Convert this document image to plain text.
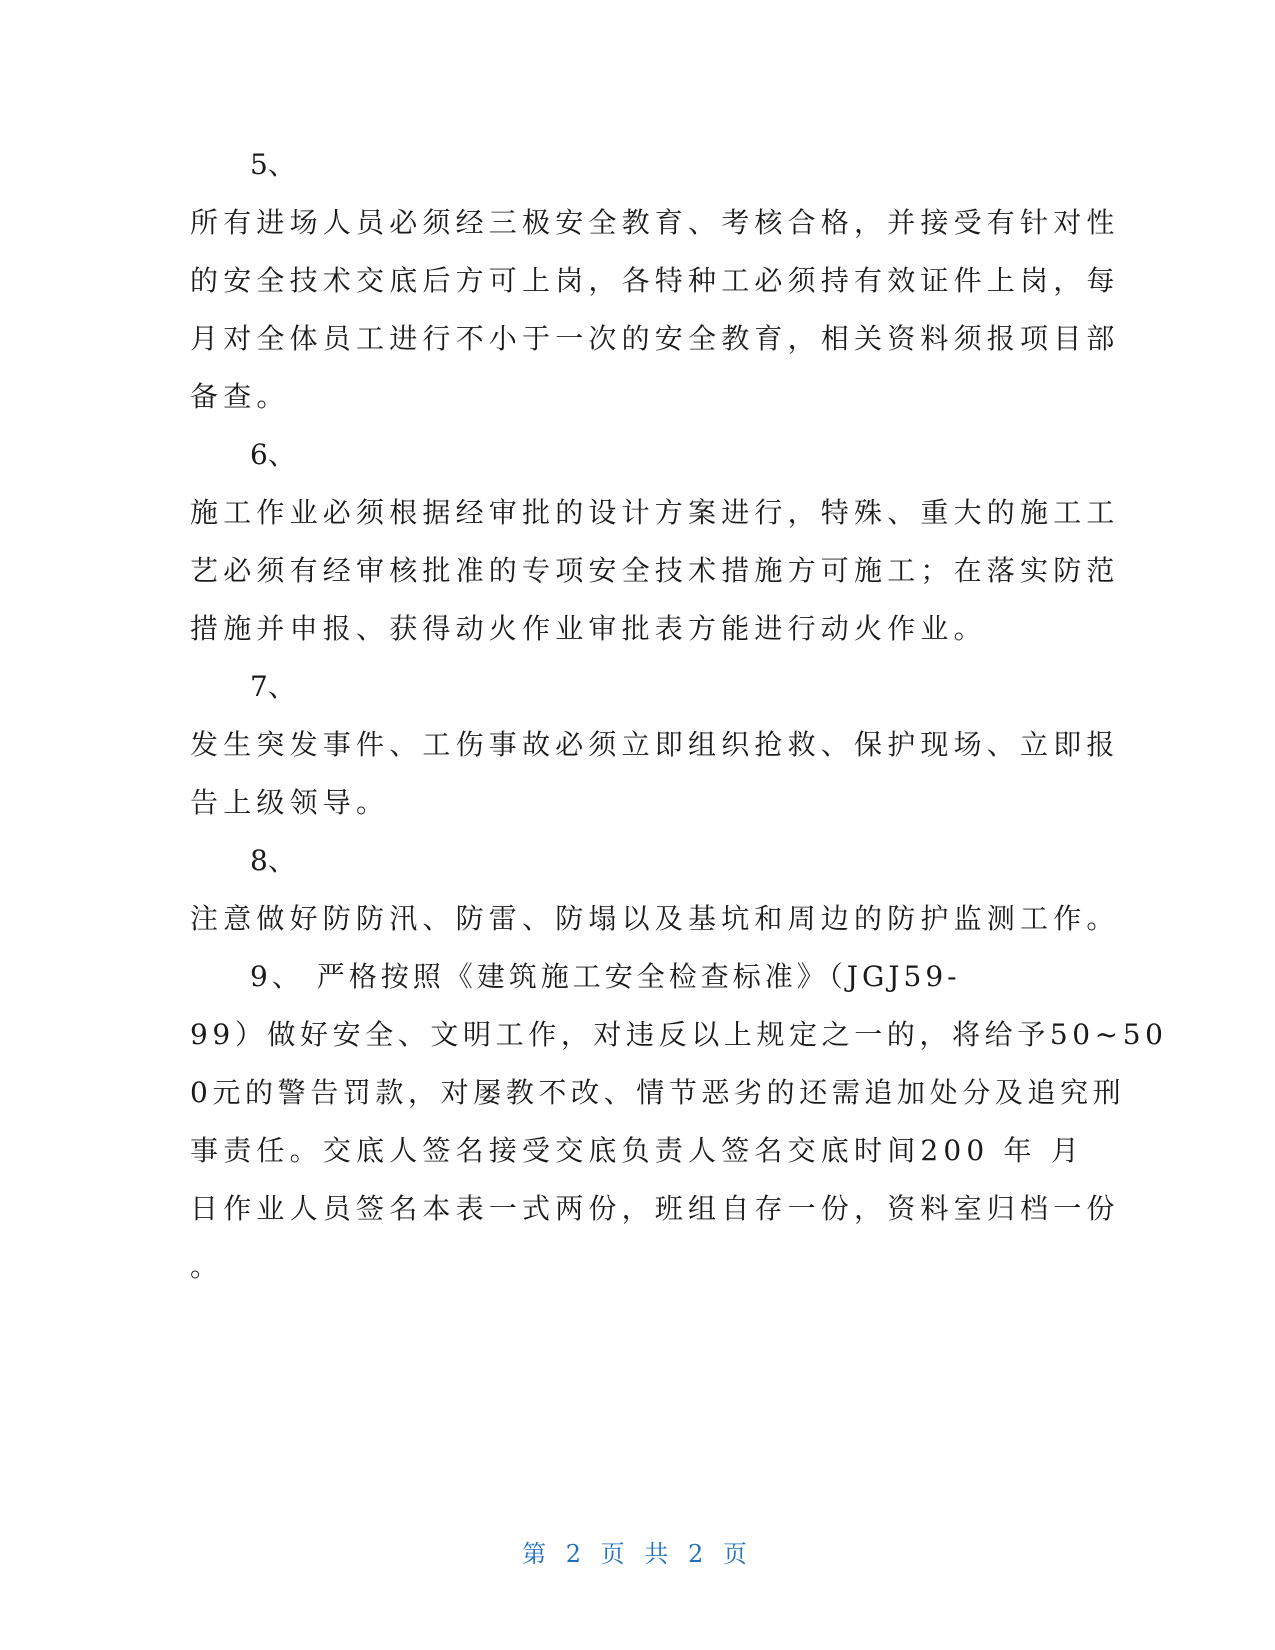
5、
所有进场人员必须经三极安全教育、考核合格，并接受有针对性
的安全技术交底后方可上岗，各特种工必须持有效证件上岗，每
月对全体员工进行不小于一次的安全教育，相关资料须报项目部
备查。
6、
施工作业必须根据经审批的设计方案进行，特殊、重大的施工工
艺必须有经审核批准的专项安全技术措施方可施工；在落实防范
措施并申报、获得动火作业审批表方能进行动火作业。
7、
发生突发事件、工伤事故必须立即组织抢救、保护现场、立即报
告上级领导。
8、
注意做好防防汛、防雷、防塌以及基坑和周边的防护监测工作。
9、 严格按照《建筑施工安全检查标准》（JGJ59-
99）做好安全、文明工作，对违反以上规定之一的，将给予50~50
0元的警告罚款，对屡教不改、情节恶劣的还需追加处分及追究刑
事责任。交底人签名接受交底负责人签名交底时间200 年 月
日作业人员签名本表一式两份，班组自存一份，资料室归档一份
。
第 2 页 共 2 页
